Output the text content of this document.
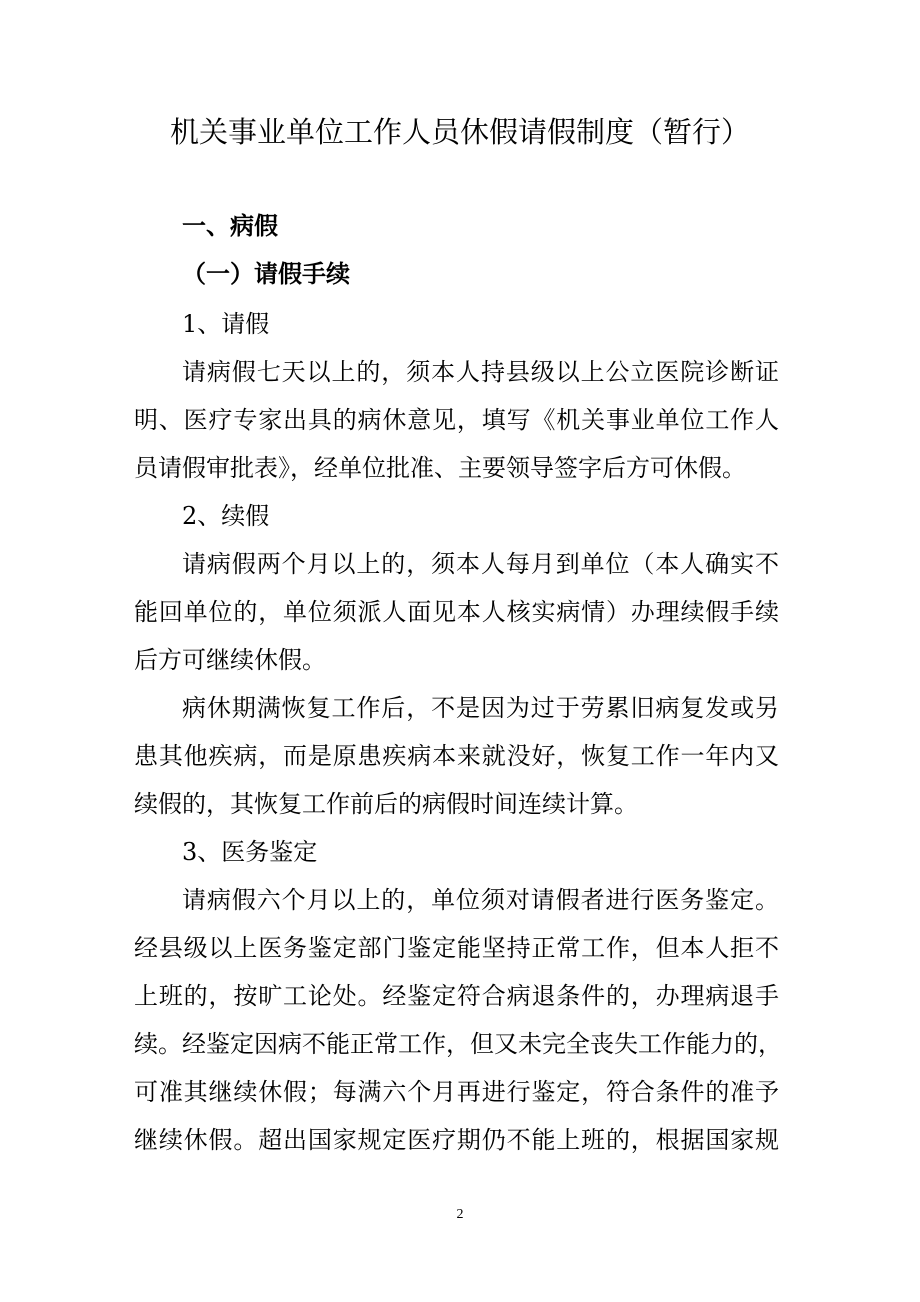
机关事业单位工作人员休假请假制度（暂行）

一、病假

（一）请假手续

1、请假

请病假七天以上的，须本人持县级以上公立医院诊断证

明、医疗专家出具的病休意见，填写《机关事业单位工作人

员请假审批表》，经单位批准、主要领导签字后方可休假。

2、续假

请病假两个月以上的，须本人每月到单位（本人确实不

能回单位的，单位须派人面见本人核实病情）办理续假手续

后方可继续休假。

病休期满恢复工作后，不是因为过于劳累旧病复发或另

患其他疾病，而是原患疾病本来就没好，恢复工作一年内又

续假的，其恢复工作前后的病假时间连续计算。

3、医务鉴定

请病假六个月以上的，单位须对请假者进行医务鉴定。

经县级以上医务鉴定部门鉴定能坚持正常工作，但本人拒不

上班的，按旷工论处。经鉴定符合病退条件的，办理病退手

续。经鉴定因病不能正常工作，但又未完全丧失工作能力的，

可准其继续休假；每满六个月再进行鉴定，符合条件的准予

继续休假。超出国家规定医疗期仍不能上班的，根据国家规

2
